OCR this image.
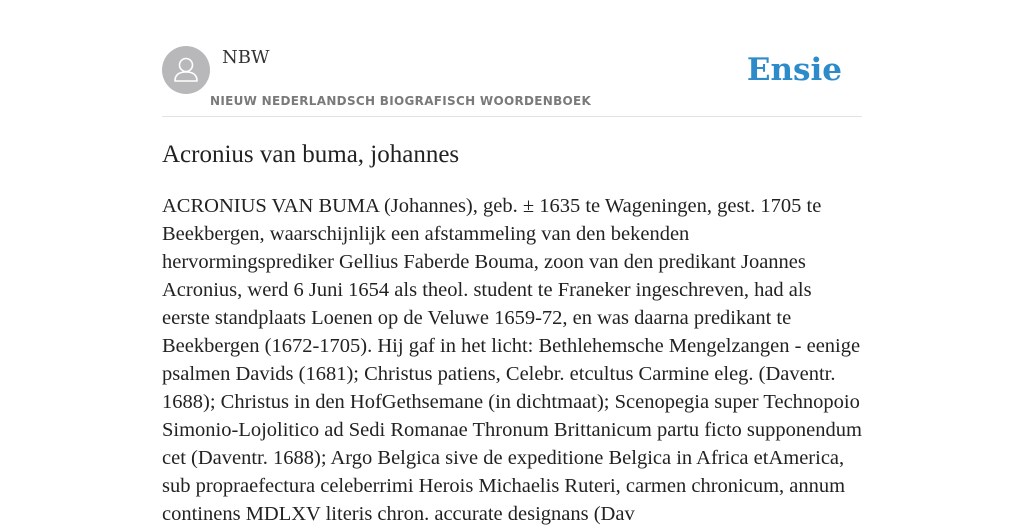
NBW
NIEUW NEDERLANDSCH BIOGRAFISCH WOORDENBOEK
Ensie
Acronius van buma, johannes

ACRONIUS VAN BUMA (Johannes), geb. ± 1635 te Wageningen, gest. 1705 te Beekbergen, waarschijnlijk een afstammeling van den bekenden hervormingsprediker Gellius Faberde Bouma, zoon van den predikant Joannes Acronius, werd 6 Juni 1654 als theol. student te Franeker ingeschreven, had als eerste standplaats Loenen op de Veluwe 1659-72, en was daarna predikant te Beekbergen (1672-1705). Hij gaf in het licht: Bethlehemsche Mengelzangen - eenige psalmen Davids (1681); Christus patiens, Celebr. etcultus Carmine eleg. (Daventr. 1688); Christus in den HofGethsemane (in dichtmaat); Scenopegia super Technopoio Simonio-Lojolitico ad Sedi Romanae Thronum Brittanicum partu ficto supponendum cet (Daventr. 1688); Argo Belgica sive de expeditione Belgica in Africa etAmerica, sub propraefectura celeberrimi Herois Michaelis Ruteri, carmen chronicum, annum continens MDLXV literis chron. accurate designans (Dav
